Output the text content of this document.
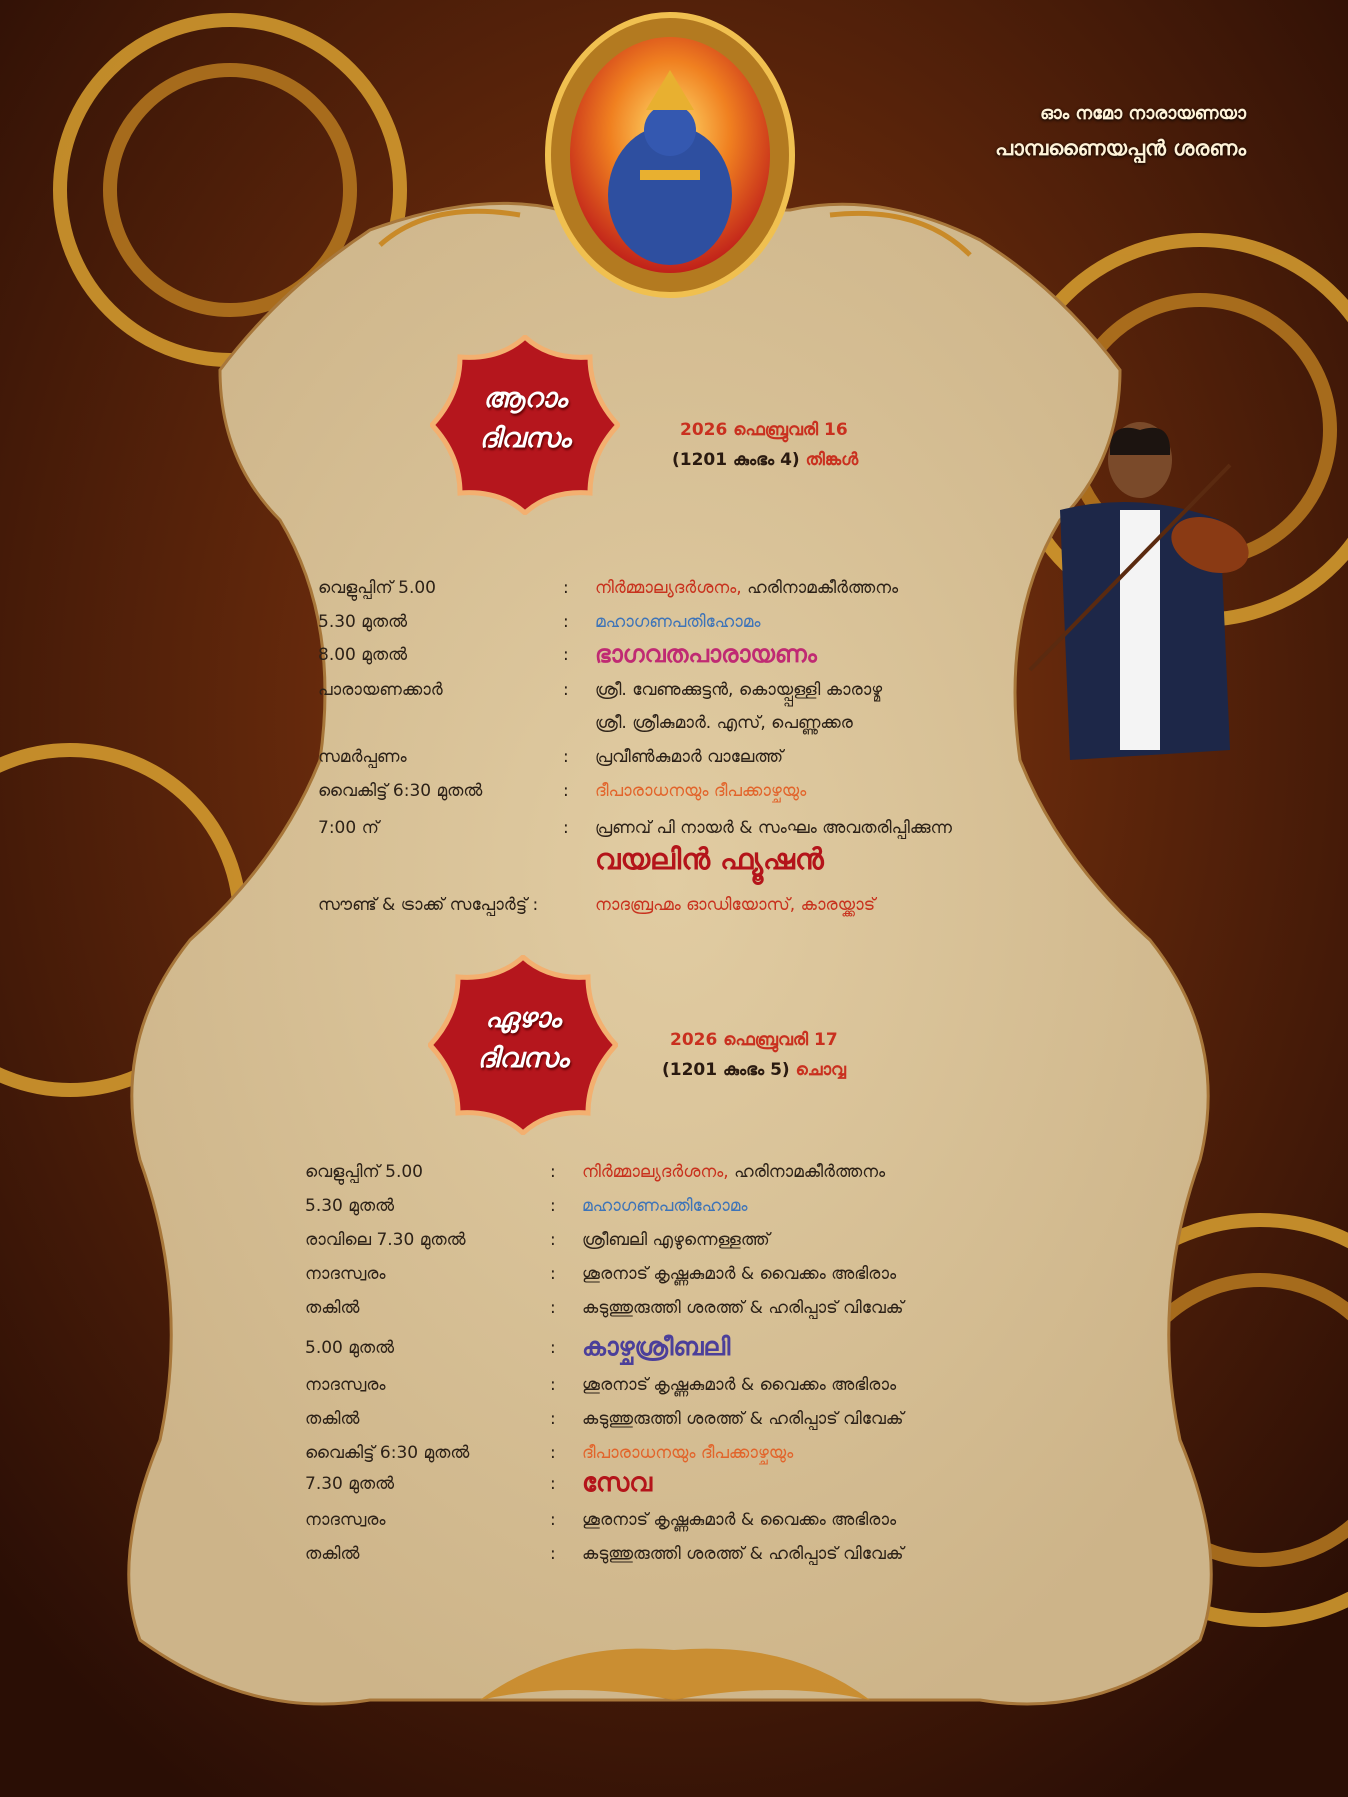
ഓം നമോ നാരായണയാ
പാമ്പണൈയപ്പൻ ശരണം
ആറാം
ദിവസം	2026 ഫെബ്രുവരി 16
(1201 കുംഭം 4) തിങ്കൾ
വെളുപ്പിന് 5.00	: നിർമ്മാല്യദർശനം, ഹരിനാമകീർത്തനം
5.30 മുതൽ	: മഹാഗണപതിഹോമം
8.00 മുതൽ	: ഭാഗവതപാരായണം
പാരായണക്കാർ	: ശ്രീ. വേണുക്കുട്ടൻ, കൊയ്പ്പള്ളി കാരാഴ്മ
ശ്രീ. ശ്രീകുമാർ. എസ്, പെണ്ണുക്കര
സമർപ്പണം	: പ്രവീൺകുമാർ വാലേത്ത്
വൈകിട്ട് 6:30 മുതൽ	: ദീപാരാധനയും ദീപക്കാഴ്ചയും
7:00 ന്	: പ്രണവ് പി നായർ & സംഘം അവതരിപ്പിക്കുന്ന
വയലിൻ ഫ്യൂഷൻ
സൗണ്ട് & ട്രാക്ക് സപ്പോർട്ട് :	നാദബ്രഹ്മം ഓഡിയോസ്, കാരയ്ക്കാട്
ഏഴാം
ദിവസം
2026 ഫെബ്രുവരി 17
(1201 കുംഭം 5) ചൊവ്വ
വെളുപ്പിന് 5.00	: നിർമ്മാല്യദർശനം, ഹരിനാമകീർത്തനം
5.30 മുതൽ	: മഹാഗണപതിഹോമം
രാവിലെ 7.30 മുതൽ	: ശ്രീബലി എഴുന്നെള്ളത്ത്
നാദസ്വരം	: ശൂരനാട് കൃഷ്ണകുമാർ & വൈക്കം അഭിരാം
തകിൽ	: കടുത്തുരുത്തി ശരത്ത് & ഹരിപ്പാട് വിവേക്
5.00 മുതൽ	: കാഴ്ചശ്രീബലി
നാദസ്വരം	: ശൂരനാട് കൃഷ്ണകുമാർ & വൈക്കം അഭിരാം
തകിൽ	: കടുത്തുരുത്തി ശരത്ത് & ഹരിപ്പാട് വിവേക്
വൈകിട്ട് 6:30 മുതൽ	: ദീപാരാധനയും ദീപക്കാഴ്ചയും
7.30 മുതൽ	: സേവ
നാദസ്വരം	: ശൂരനാട് കൃഷ്ണകുമാർ & വൈക്കം അഭിരാം
തകിൽ	: കടുത്തുരുത്തി ശരത്ത് & ഹരിപ്പാട് വിവേക്
